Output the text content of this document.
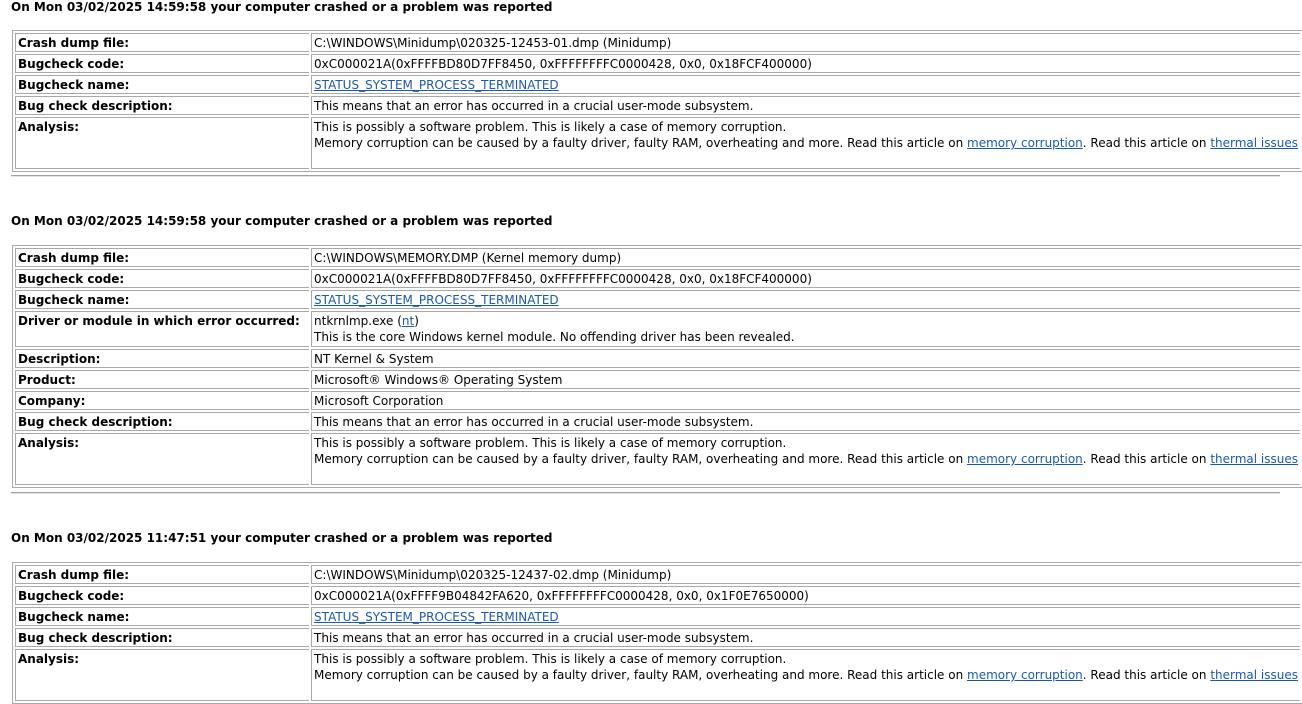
On Mon 03/02/2025 14:59:58 your computer crashed or a problem was reported

Crash dump file:	C:\WINDOWS\Minidump\020325-12453-01.dmp (Minidump)
Bugcheck code:	0xC000021A(0xFFFFBD80D7FF8450, 0xFFFFFFFFC0000428, 0x0, 0x18FCF400000)
Bugcheck name:	STATUS_SYSTEM_PROCESS_TERMINATED
Bug check description:	This means that an error has occurred in a crucial user-mode subsystem.
Analysis:	This is possibly a software problem. This is likely a case of memory corruption.
Memory corruption can be caused by a faulty driver, faulty RAM, overheating and more. Read this article on memory corruption. Read this article on thermal issues

On Mon 03/02/2025 14:59:58 your computer crashed or a problem was reported

Crash dump file:	C:\WINDOWS\MEMORY.DMP (Kernel memory dump)
Bugcheck code:	0xC000021A(0xFFFFBD80D7FF8450, 0xFFFFFFFFC0000428, 0x0, 0x18FCF400000)
Bugcheck name:	STATUS_SYSTEM_PROCESS_TERMINATED
Driver or module in which error occurred:	ntkrnlmp.exe (nt)
This is the core Windows kernel module. No offending driver has been revealed.

Description:	NT Kernel & System
Product:	Microsoft® Windows® Operating System
Company:	Microsoft Corporation
Bug check description:	This means that an error has occurred in a crucial user-mode subsystem.
Analysis:	This is possibly a software problem. This is likely a case of memory corruption.
Memory corruption can be caused by a faulty driver, faulty RAM, overheating and more. Read this article on memory corruption. Read this article on thermal issues

On Mon 03/02/2025 11:47:51 your computer crashed or a problem was reported

Crash dump file:	C:\WINDOWS\Minidump\020325-12437-02.dmp (Minidump)
Bugcheck code:	0xC000021A(0xFFFF9B04842FA620, 0xFFFFFFFFC0000428, 0x0, 0x1F0E7650000)
Bugcheck name:	STATUS_SYSTEM_PROCESS_TERMINATED
Bug check description:	This means that an error has occurred in a crucial user-mode subsystem.
Analysis:	This is possibly a software problem. This is likely a case of memory corruption.
Memory corruption can be caused by a faulty driver, faulty RAM, overheating and more. Read this article on memory corruption. Read this article on thermal issues
